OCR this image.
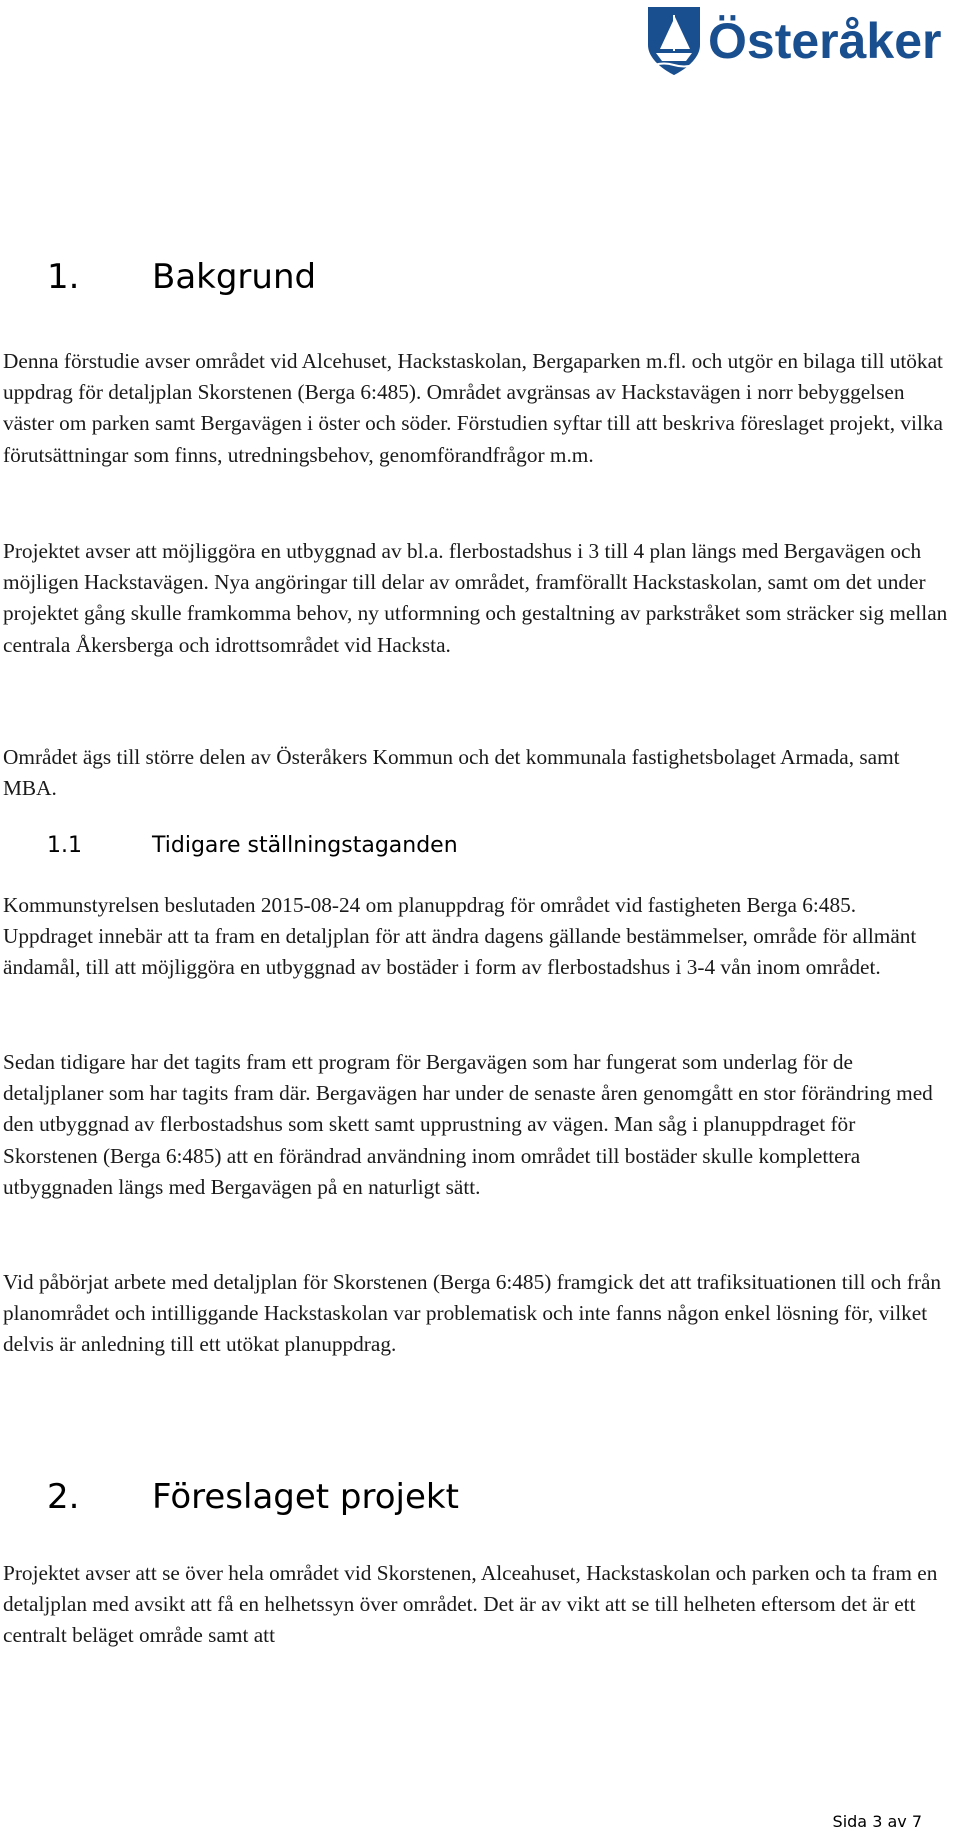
Österåker
1. Bakgrund

Denna förstudie avser området vid Alcehuset, Hackstaskolan, Bergaparken m.fl. och utgör en bilaga till utökat uppdrag för detaljplan Skorstenen (Berga 6:485). Området avgränsas av Hackstavägen i norr bebyggelsen väster om parken samt Bergavägen i öster och söder. Förstudien syftar till att beskriva föreslaget projekt, vilka förutsättningar som finns, utredningsbehov, genomförandfrågor m.m.

Projektet avser att möjliggöra en utbyggnad av bl.a. flerbostadshus i 3 till 4 plan längs med Bergavägen och möjligen Hackstavägen. Nya angöringar till delar av området, framförallt Hackstaskolan, samt om det under projektet gång skulle framkomma behov, ny utformning och gestaltning av parkstråket som sträcker sig mellan centrala Åkersberga och idrottsområdet vid Hacksta.

Området ägs till större delen av Österåkers Kommun och det kommunala fastighetsbolaget Armada, samt MBA.

1.1	Tidigare ställningstaganden

Kommunstyrelsen beslutaden 2015-08-24 om planuppdrag för området vid fastigheten Berga 6:485. Uppdraget innebär att ta fram en detaljplan för att ändra dagens gällande bestämmelser, område för allmänt ändamål, till att möjliggöra en utbyggnad av bostäder i form av flerbostadshus i 3-4 vån inom området.

Sedan tidigare har det tagits fram ett program för Bergavägen som har fungerat som underlag för de detaljplaner som har tagits fram där. Bergavägen har under de senaste åren genomgått en stor förändring med den utbyggnad av flerbostadshus som skett samt upprustning av vägen. Man såg i planuppdraget för Skorstenen (Berga 6:485) att en förändrad användning inom området till bostäder skulle komplettera utbyggnaden längs med Bergavägen på en naturligt sätt.

Vid påbörjat arbete med detaljplan för Skorstenen (Berga 6:485) framgick det att trafiksituationen till och från planområdet och intilliggande Hackstaskolan var problematisk och inte fanns någon enkel lösning för, vilket delvis är anledning till ett utökat planuppdrag.

2. Föreslaget projekt

Projektet avser att se över hela området vid Skorstenen, Alceahuset, Hackstaskolan och parken och ta fram en detaljplan med avsikt att få en helhetssyn över området. Det är av vikt att se till helheten eftersom det är ett centralt beläget område samt att

Sida 3 av 7
